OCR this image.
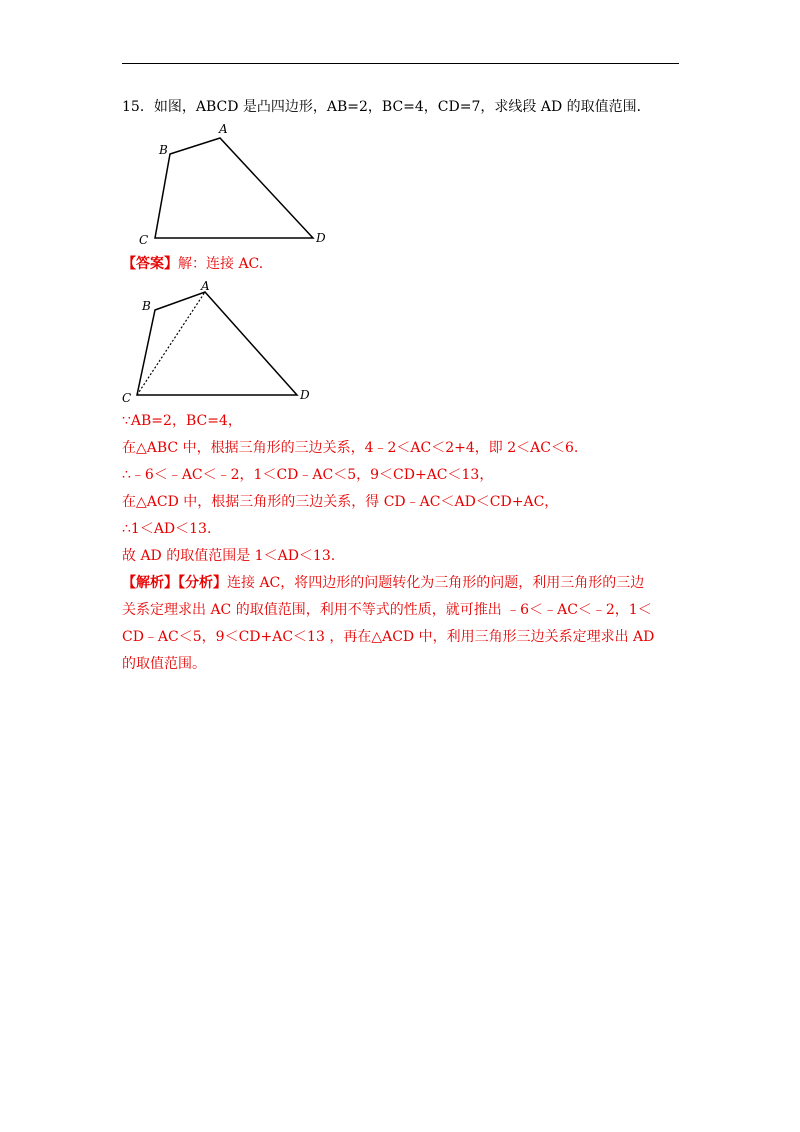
15．如图，ABCD 是凸四边形，AB=2，BC=4，CD=7，求线段 AD 的取值范围．
A
B
C	D
【答案】解：连接 AC.
A
B
C	D
∵AB=2，BC=4，
在△ABC 中，根据三角形的三边关系，4﹣2＜AC＜2+4，即 2＜AC＜6.
∴﹣6＜﹣AC＜﹣2，1＜CD﹣AC＜5，9＜CD+AC＜13，
在△ACD 中，根据三角形的三边关系，得 CD﹣AC＜AD＜CD+AC，
∴1＜AD＜13.
故 AD 的取值范围是 1＜AD＜13.
【解析】【分析】连接 AC，将四边形的问题转化为三角形的问题，利用三角形的三边
关系定理求出 AC 的取值范围，利用不等式的性质，就可推出 ﹣6＜﹣AC＜﹣2，1＜
CD﹣AC＜5，9＜CD+AC＜13 ，再在△ACD 中，利用三角形三边关系定理求出 AD
的取值范围。
